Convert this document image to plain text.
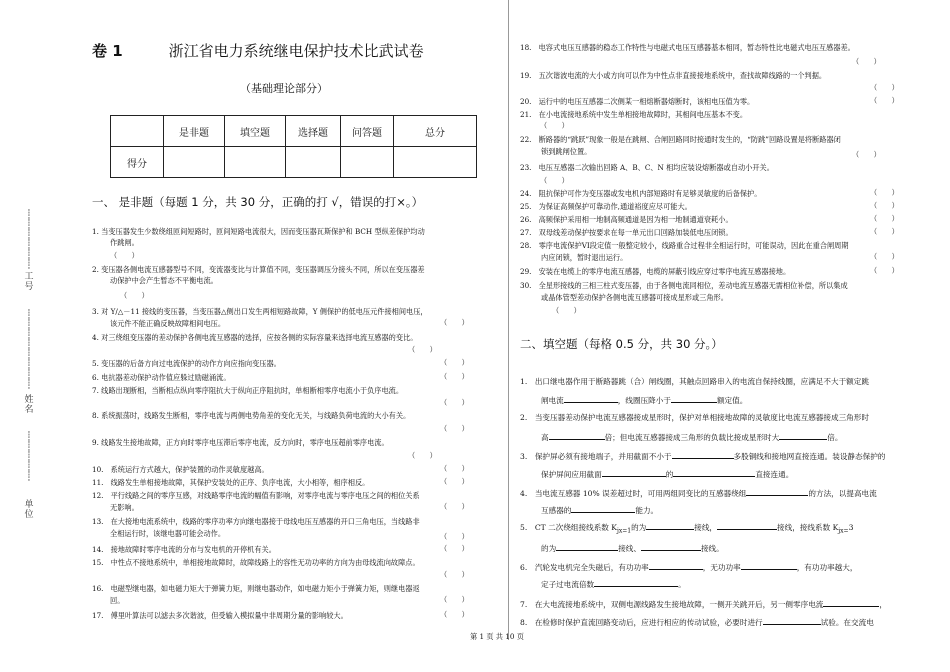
┊
┊
┊
┊
┊
┊
工号
┊
┊
┊
┊
┊
┊
┊
┊
姓名
┊
┊
┊
┊
┊
单位
卷 1	浙江省电力系统继电保护技术比武试卷
（基础理论部分）
	是非题	填空题	选择题	问答题	总分
得分					
一、 是非题（每题 1 分，共 30 分，正确的打 √，错误的打×。）
1. 当变压器发生少数绕组匝间短路时，匝间短路电流很大，因而变压器瓦斯保护和 BCH 型纵差保护均动
作跳闸。
（　　）
2. 变压器各侧电流互感器型号不同，变流器变比与计算值不同，变压器调压分接头不同，所以在变压器差
动保护中会产生暂态不平衡电流。
（　　）
3. 对 Y/△－11 接线的变压器，当变压器△侧出口发生两相短路故障，Y 侧保护的低电压元件接相间电压，
该元件不能正确反映故障相间电压。	（　　）
4. 对三绕组变压器的差动保护各侧电流互感器的选择，应按各侧的实际容量来选择电流互感器的变比。
（　　）
5. 变压器的后备方向过电流保护的动作方向应指向变压器。	（　　）
6. 电抗器差动保护动作值应躲过励磁涌流。	（　　）
7. 线路出现断相，当断相点纵向零序阻抗大于纵向正序阻抗时，单相断相零序电流小于负序电流。
（　　）
8. 系统振荡时，线路发生断相，零序电流与两侧电势角差的变化无关，与线路负荷电流的大小有关。
（　　）
9. 线路发生接地故障，正方向时零序电压滞后零序电流，反方向时，零序电压超前零序电流。
（　　）
10.　系统运行方式越大，保护装置的动作灵敏度越高。	（　　）
11.　线路发生单相接地故障，其保护安装处的正序、负序电流，大小相等，相序相反。	（　　）
12.　平行线路之间的零序互感，对线路零序电流的幅值有影响，对零序电流与零序电压之间的相位关系
无影响。	（　　）
13.　在大接地电流系统中，线路的零序功率方向继电器接于母线电压互感器的开口三角电压，当线路非
全相运行时，该继电器可能会动作。	（　　）
14.　接地故障时零序电流的分布与发电机的开停机有关。	（　　）
15.　中性点不接地系统中，单相接地故障时，故障线路上的容性无功功率的方向为由母线流向故障点。
（　　）
16.　电磁型继电器，如电磁力矩大于弹簧力矩，则继电器动作，如电磁力矩小于弹簧力矩，则继电器返
回。	（　　）
17.　傅里叶算法可以滤去多次谐波，但受输入模拟量中非周期分量的影响较大。	（　　）
18.　电容式电压互感器的稳态工作特性与电磁式电压互感器基本相同，暂态特性比电磁式电压互感器差。
（　　）
19.　五次谐波电流的大小或方向可以作为中性点非直接接地系统中，查找故障线路的一个判据。
（　　）
20.　运行中的电压互感器二次侧某一相熔断器熔断时，该相电压值为零。	（　　）
21.　在小电流接地系统中发生单相接地故障时，其相间电压基本不变。
（　　）
22.　断路器的“跳跃”现象一般是在跳闸、合闸回路同时接通时发生的，“防跳”回路设置是将断路器闭
锁到跳闸位置。	（　　）
23.　电压互感器二次输出回路 A、B、C、N 相均应装设熔断器或自动小开关。
（　　）
24.　阻抗保护可作为变压器或发电机内部短路时有足够灵敏度的后备保护。	（　　）
25.　为保证高频保护可靠动作,通道裕度应尽可能大。	（　　）
26.　高频保护采用相一地制高频通道是因为相一地制通道衰耗小。	（　　）
27.　双母线差动保护按要求在每一单元出口回路加装低电压闭锁。	（　　）
28.　零序电流保护VI段定值一般整定较小，线路重合过程非全相运行时，可能误动，因此在重合闸周期
内应闭锁，暂时退出运行。	（　　）
29.　安装在电缆上的零序电流互感器，电缆的屏蔽引线应穿过零序电流互感器接地。	（　　）
30.　全星形接线的三相三柱式变压器，由于各侧电流同相位，差动电流互感器无需相位补偿，所以集成
或晶体管型差动保护各侧电流互感器可接成星形或三角形。
（　　）
二、填空题（每格 0.5 分，共 30 分。）
1.　出口继电器作用于断路器跳（合）闸线圈，其触点回路串入的电流自保持线圈，应满足不大于额定跳
闸电流	，线圈压降小于	额定值。
2.　当变压器差动保护电流互感器接成星形时，保护对单相接地故障的灵敏度比电流互感器接成三角形时
高	倍；但电流互感器接成三角形的负载比接成星形时大	倍。
3.　保护屏必须有接地端子，并用截面不小于	多股铜线和接地网直接连通。装设静态保护的
保护屏间应用截面	的	直接连通。
4.　当电流互感器 10% 误差超过时，可用两组同变比的互感器绕组	的方法，以提高电流
互感器的	能力。
5.　CT 二次绕组接线系数 $K_{jx=1}$的为	接线，	接线，接线系数 $K_{jx=}3$
的为	接线、	接线。
6.　汽轮发电机完全失磁后，有功功率	，无功功率	，有功功率越大，
定子过电流倍数	。
7.　在大电流接地系统中，双侧电源线路发生接地故障，一侧开关跳开后，另一侧零序电流	，
8.　在检修时保护直流回路变动后，应进行相应的传动试验，必要时进行	试验。在交流电
第 1 页 共 10 页
